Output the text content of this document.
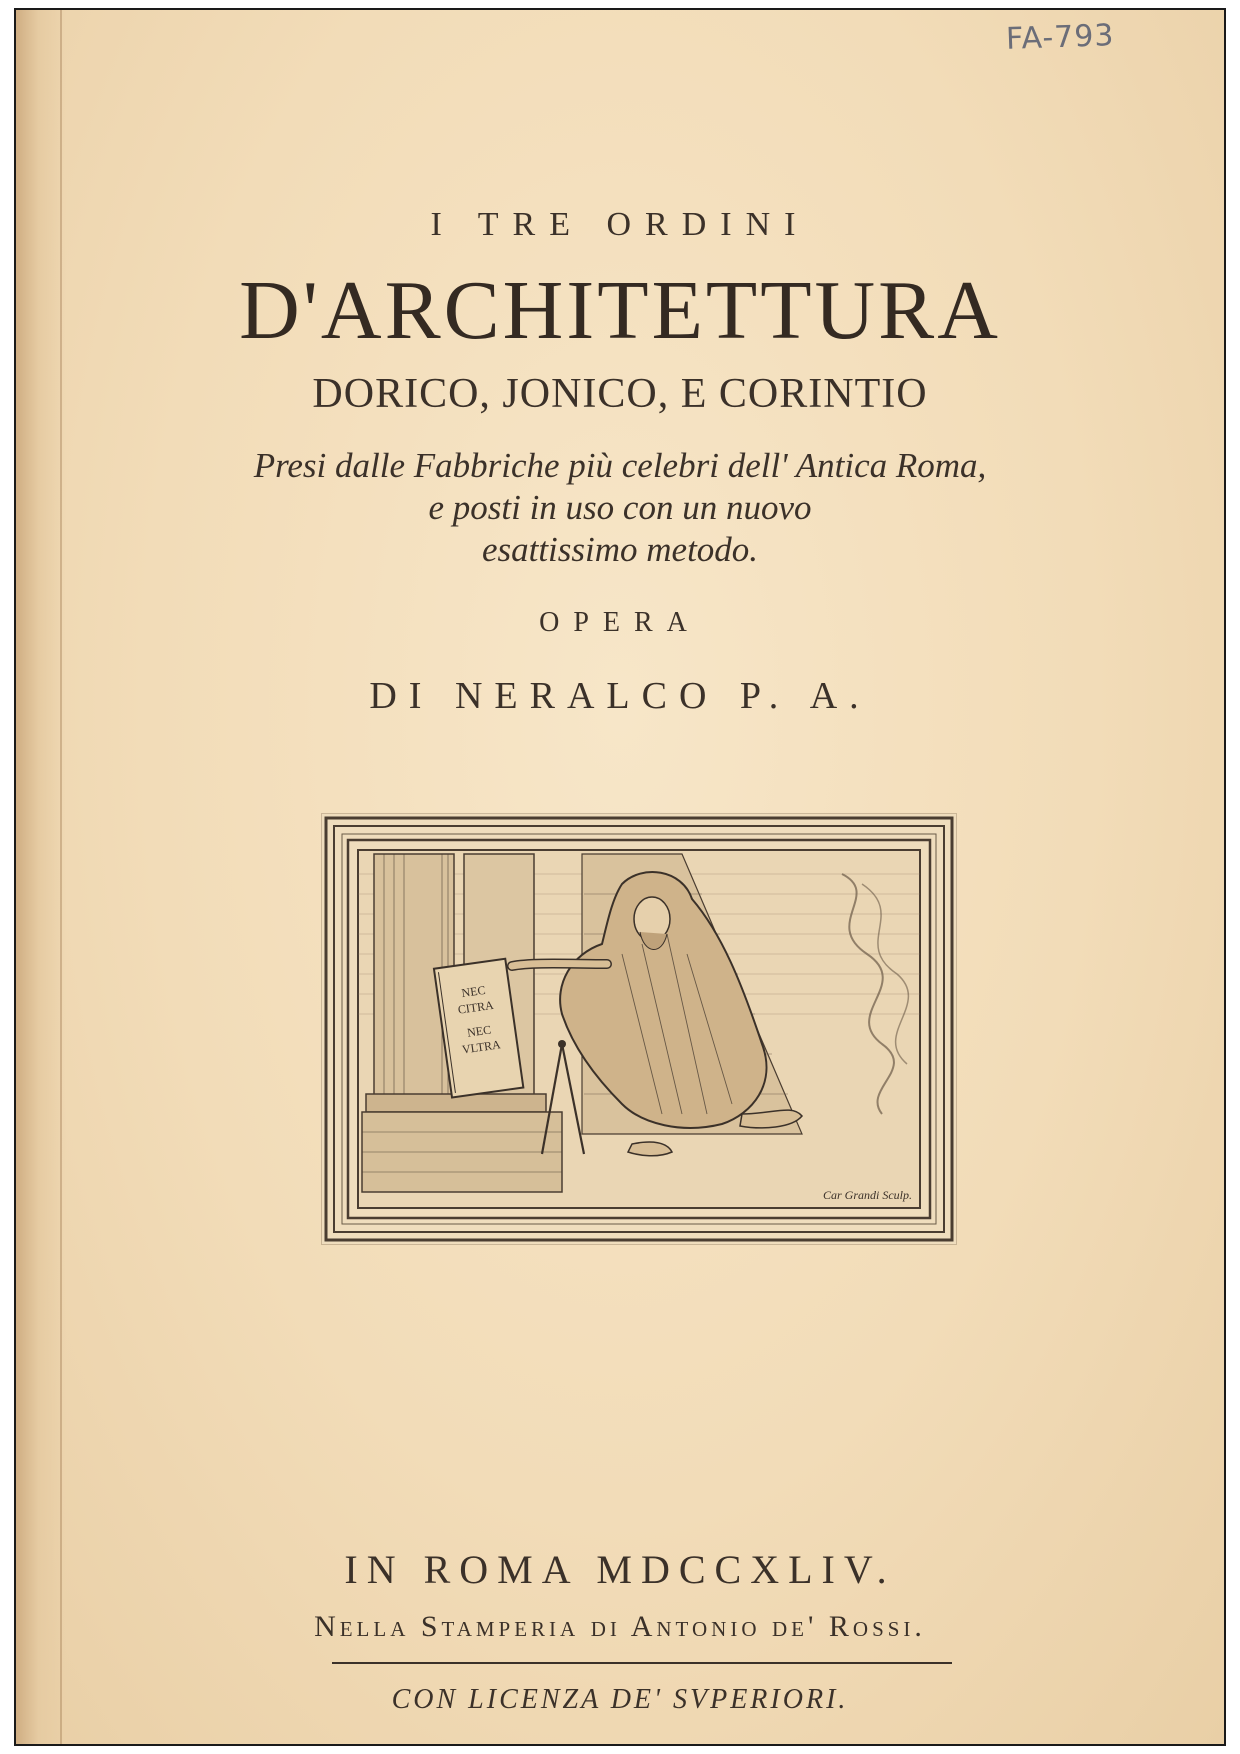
FA-793
I TRE ORDINI
D'ARCHITETTURA
DORICO, JONICO, E CORINTIO
Presi dalle Fabbriche più celebri dell' Antica Roma,
e posti in uso con un nuovo
esattissimo metodo.
OPERA
DI NERALCO P. A.
NEC
CITRA
NEC
VLTRA
Car Grandi Sculp.
IN ROMA MDCCXLIV.
Nella Stamperia di Antonio de' Rossi.
CON LICENZA DE' SVPERIORI.
